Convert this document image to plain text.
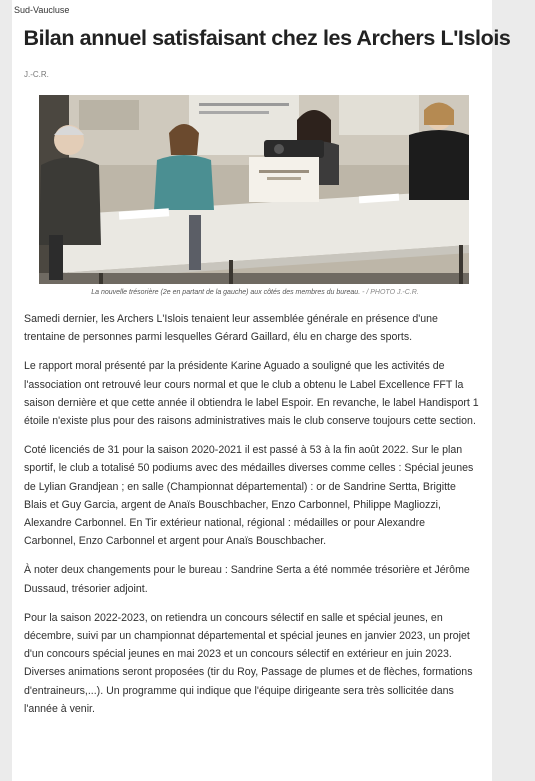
Sud-Vaucluse
Bilan annuel satisfaisant chez les Archers L'Islois
J.-C.R.
La nouvelle trésorière (2e en partant de la gauche) aux côtés des membres du bureau. - / PHOTO J.-C.R.

Samedi dernier, les Archers L'Islois tenaient leur assemblée générale en présence d'une
trentaine de personnes parmi lesquelles Gérard Gaillard, élu en charge des sports.

Le rapport moral présenté par la présidente Karine Aguado a souligné que les activités de
l'association ont retrouvé leur cours normal et que le club a obtenu le Label Excellence FFT la
saison dernière et que cette année il obtiendra le label Espoir. En revanche, le label Handisport 1
étoile n'existe plus pour des raisons administratives mais le club conserve toujours cette section.

Coté licenciés de 31 pour la saison 2020-2021 il est passé à 53 à la fin août 2022. Sur le plan
sportif, le club a totalisé 50 podiums avec des médailles diverses comme celles : Spécial jeunes
de Lylian Grandjean ; en salle (Championnat départemental) : or de Sandrine Sertta, Brigitte
Blais et Guy Garcia, argent de Anaïs Bouschbacher, Enzo Carbonnel, Philippe Magliozzi,
Alexandre Carbonnel. En Tir extérieur national, régional : médailles or pour Alexandre
Carbonnel, Enzo Carbonnel et argent pour Anaïs Bouschbacher.

À noter deux changements pour le bureau : Sandrine Serta a été nommée trésorière et Jérôme
Dussaud, trésorier adjoint.

Pour la saison 2022-2023, on retiendra un concours sélectif en salle et spécial jeunes, en
décembre, suivi par un championnat départemental et spécial jeunes en janvier 2023, un projet
d'un concours spécial jeunes en mai 2023 et un concours sélectif en extérieur en juin 2023.
Diverses animations seront proposées (tir du Roy, Passage de plumes et de flèches, formations
d'entraineurs,...). Un programme qui indique que l'équipe dirigeante sera très sollicitée dans
l'année à venir.
